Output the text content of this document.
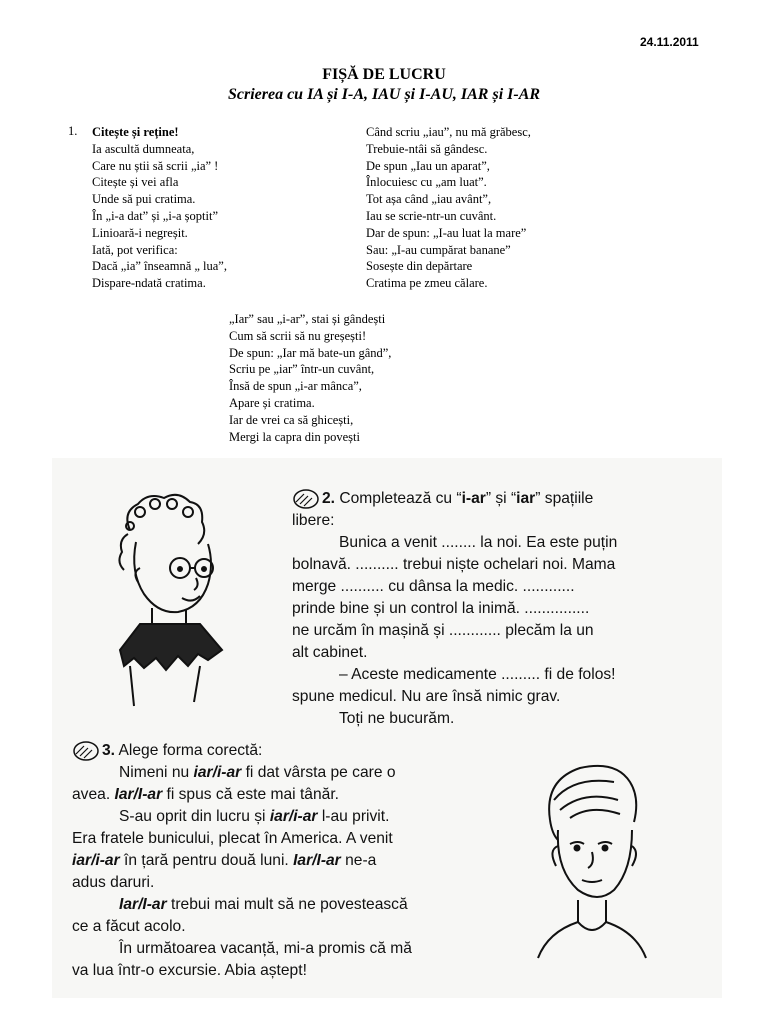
24.11.2011
FIȘĂ DE LUCRU
Scrierea cu IA și I-A, IAU și I-AU, IAR și I-AR
1. Citește și reține!
Ia ascultă dumneata,
Care nu știi să scrii „ia” !
Citește și vei afla
Unde să pui cratima.
În „i-a dat” și „i-a șoptit”
Linioară-i negreșit.
Iată, pot verifica:
Dacă „ia” înseamnă „ lua”,
Dispare-ndată cratima.
Când scriu „iau”, nu mă grăbesc,
Trebuie-ntâi să gândesc.
De spun „Iau un aparat”,
Înlocuiesc cu „am luat”.
Tot așa când „iau avânt”,
Iau se scrie-ntr-un cuvânt.
Dar de spun: „I-au luat la mare”
Sau: „I-au cumpărat banane”
Sosește din depărtare
Cratima pe zmeu călare.
„Iar” sau „i-ar”, stai și gândești
Cum să scrii să nu greșești!
De spun: „Iar mă bate-un gând”,
Scriu pe „iar” într-un cuvânt,
Însă de spun „i-ar mânca”,
Apare și cratima.
Iar de vrei ca să ghicești,
Mergi la capra din povești
2. Completează cu “i-ar” și “iar” spațiile
libere:
Bunica a venit ........ la noi. Ea este puțin
bolnavă. .......... trebui niște ochelari noi. Mama
merge .......... cu dânsa la medic. ............
prinde bine și un control la inimă. ...............
ne urcăm în mașină și ............ plecăm la un
alt cabinet.
– Aceste medicamente ......... fi de folos!
spune medicul. Nu are însă nimic grav.
Toți ne bucurăm.
3. Alege forma corectă:
Nimeni nu iar/i-ar fi dat vârsta pe care o
avea. Iar/I-ar fi spus că este mai tânăr.
S-au oprit din lucru și iar/i-ar l-au privit.
Era fratele bunicului, plecat în America. A venit
iar/i-ar în țară pentru două luni. Iar/I-ar ne-a
adus daruri.
Iar/I-ar trebui mai mult să ne povestească
ce a făcut acolo.
În următoarea vacanță, mi-a promis că mă
va lua într-o excursie. Abia aștept!
